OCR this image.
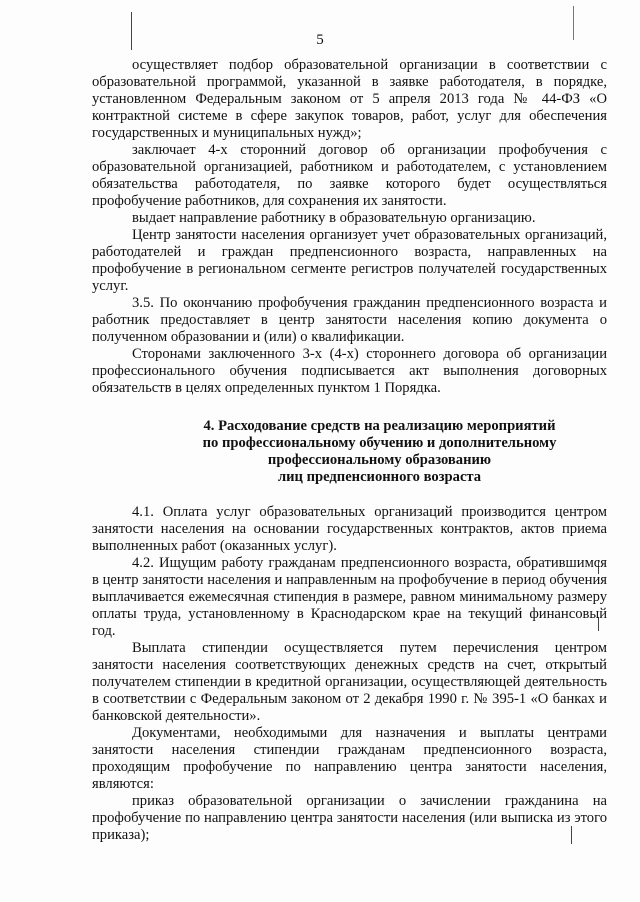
5

осуществляет подбор образовательной организации в соответствии с образовательной программой, указанной в заявке работодателя, в порядке, установленном Федеральным законом от 5 апреля 2013 года № 44-ФЗ «О контрактной системе в сфере закупок товаров, работ, услуг для обеспечения государственных и муниципальных нужд»;

заключает 4-х сторонний договор об организации профобучения с образовательной организацией, работником и работодателем, с установлением обязательства работодателя, по заявке которого будет осуществляться профобучение работников, для сохранения их занятости.

выдает направление работнику в образовательную организацию.

Центр занятости населения организует учет образовательных организаций, работодателей и граждан предпенсионного возраста, направленных на профобучение в региональном сегменте регистров получателей государственных услуг.

3.5. По окончанию профобучения гражданин предпенсионного возраста и работник предоставляет в центр занятости населения копию документа о полученном образовании и (или) о квалификации.

Сторонами заключенного 3-х (4-х) стороннего договора об организации профессионального обучения подписывается акт выполнения договорных обязательств в целях определенных пунктом 1 Порядка.

4. Расходование средств на реализацию мероприятий
по профессиональному обучению и дополнительному
профессиональному образованию
лиц предпенсионного возраста

4.1. Оплата услуг образовательных организаций производится центром занятости населения на основании государственных контрактов, актов приема выполненных работ (оказанных услуг).

4.2. Ищущим работу гражданам предпенсионного возраста, обратившимся в центр занятости населения и направленным на профобучение в период обучения выплачивается ежемесячная стипендия в размере, равном минимальному размеру оплаты труда, установленному в Краснодарском крае на текущий финансовый год.

Выплата стипендии осуществляется путем перечисления центром занятости населения соответствующих денежных средств на счет, открытый получателем стипендии в кредитной организации, осуществляющей деятельность в соответствии с Федеральным законом от 2 декабря 1990 г. № 395-1 «О банках и банковской деятельности».

Документами, необходимыми для назначения и выплаты центрами занятости населения стипендии гражданам предпенсионного возраста, проходящим профобучение по направлению центра занятости населения, являются:

приказ образовательной организации о зачислении гражданина на профобучение по направлению центра занятости населения (или выписка из этого приказа);
